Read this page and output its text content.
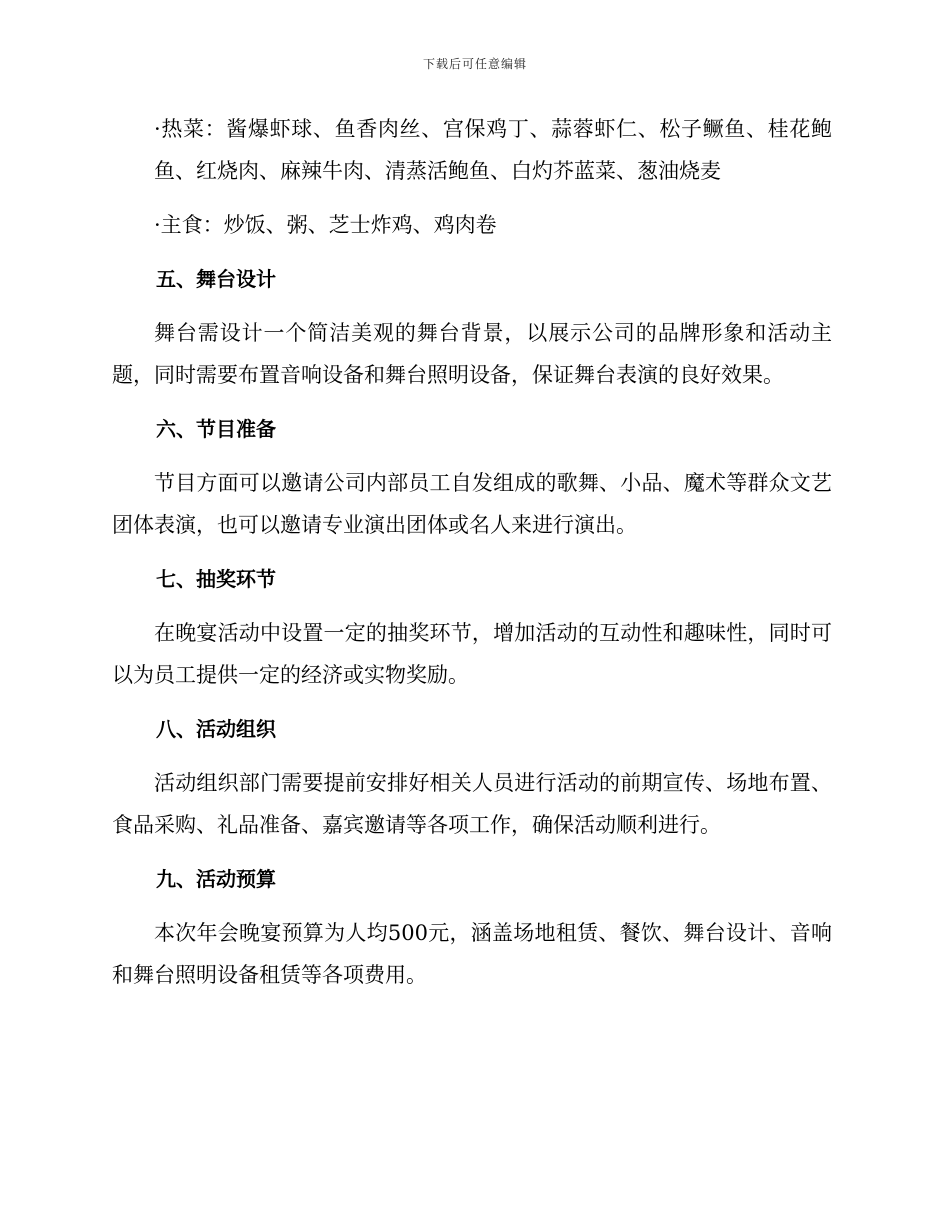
下载后可任意编辑

·热菜：酱爆虾球、鱼香肉丝、宫保鸡丁、蒜蓉虾仁、松子鳜鱼、桂花鲍鱼、红烧肉、麻辣牛肉、清蒸活鲍鱼、白灼芥蓝菜、葱油烧麦

·主食：炒饭、粥、芝士炸鸡、鸡肉卷

五、舞台设计

舞台需设计一个简洁美观的舞台背景，以展示公司的品牌形象和活动主题，同时需要布置音响设备和舞台照明设备，保证舞台表演的良好效果。

六、节目准备

节目方面可以邀请公司内部员工自发组成的歌舞、小品、魔术等群众文艺团体表演，也可以邀请专业演出团体或名人来进行演出。

七、抽奖环节

在晚宴活动中设置一定的抽奖环节，增加活动的互动性和趣味性，同时可以为员工提供一定的经济或实物奖励。

八、活动组织

活动组织部门需要提前安排好相关人员进行活动的前期宣传、场地布置、食品采购、礼品准备、嘉宾邀请等各项工作，确保活动顺利进行。

九、活动预算

本次年会晚宴预算为人均500元，涵盖场地租赁、餐饮、舞台设计、音响和舞台照明设备租赁等各项费用。
